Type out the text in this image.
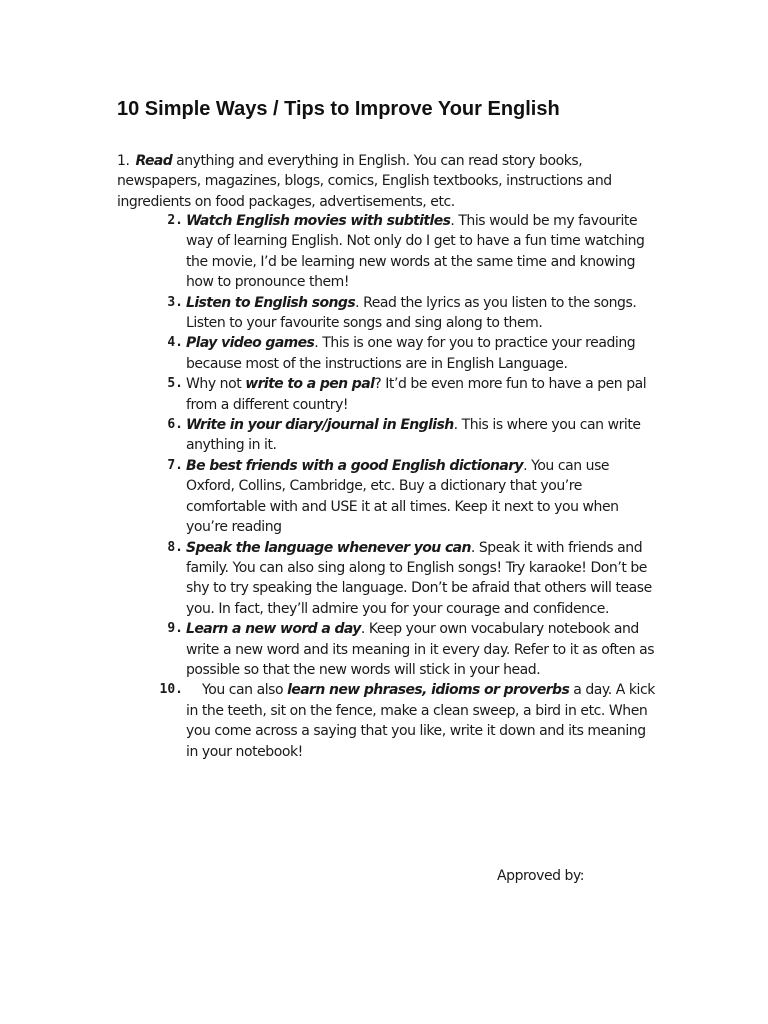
10 Simple Ways / Tips to Improve Your English

1. Read anything and everything in English. You can read story books, newspapers, magazines, blogs, comics, English textbooks, instructions and ingredients on food packages, advertisements, etc.

2. Watch English movies with subtitles. This would be my favourite way of learning English. Not only do I get to have a fun time watching the movie, I’d be learning new words at the same time and knowing how to pronounce them!
3. Listen to English songs. Read the lyrics as you listen to the songs. Listen to your favourite songs and sing along to them.
4. Play video games. This is one way for you to practice your reading because most of the instructions are in English Language.
5. Why not write to a pen pal? It’d be even more fun to have a pen pal from a different country!
6. Write in your diary/journal in English. This is where you can write anything in it.
7. Be best friends with a good English dictionary. You can use Oxford, Collins, Cambridge, etc. Buy a dictionary that you’re comfortable with and USE it at all times. Keep it next to you when you’re reading
8. Speak the language whenever you can. Speak it with friends and family. You can also sing along to English songs! Try karaoke! Don’t be shy to try speaking the language. Don’t be afraid that others will tease you. In fact, they’ll admire you for your courage and confidence.
9. Learn a new word a day. Keep your own vocabulary notebook and write a new word and its meaning in it every day. Refer to it as often as possible so that the new words will stick in your head.
10. You can also learn new phrases, idioms or proverbs a day. A kick in the teeth, sit on the fence, make a clean sweep, a bird in etc. When you come across a saying that you like, write it down and its meaning in your notebook!

Approved by:
